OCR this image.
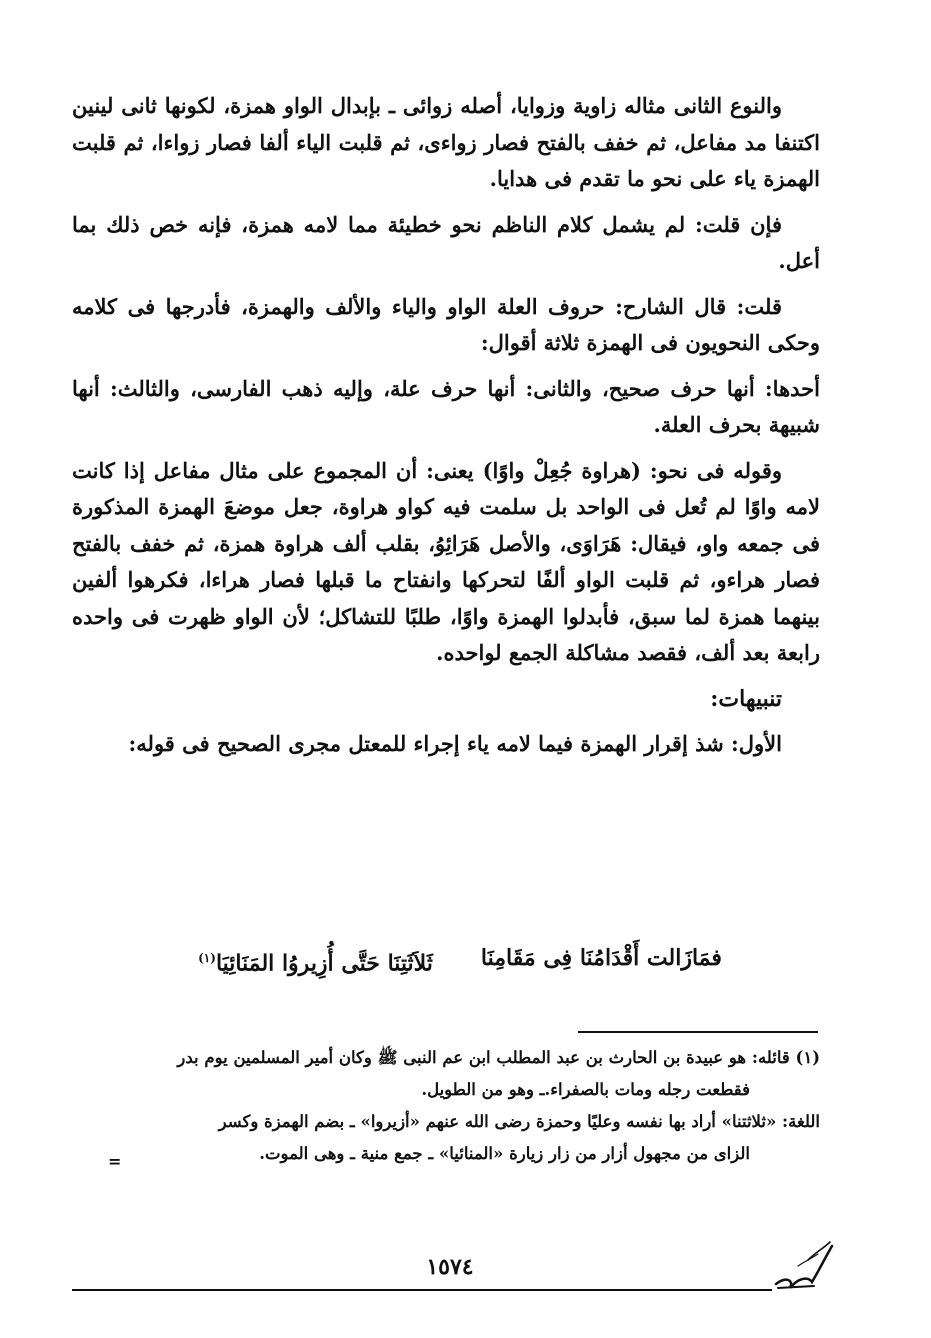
والنوع الثانى مثاله زاوية وزوايا، أصله زوائى ـ بإبدال الواو همزة، لكونها ثانى لينين اكتنفا مد مفاعل، ثم خفف بالفتح فصار زواءى، ثم قلبت الياء ألفا فصار زواءا، ثم قلبت الهمزة ياء على نحو ما تقدم فى هدايا.

فإن قلت: لم يشمل كلام الناظم نحو خطيئة مما لامه همزة، فإنه خص ذلك بما أعل.

قلت: قال الشارح: حروف العلة الواو والياء والألف والهمزة، فأدرجها فى كلامه وحكى النحويون فى الهمزة ثلاثة أقوال:

أحدها: أنها حرف صحيح، والثانى: أنها حرف علة، وإليه ذهب الفارسى، والثالث: أنها شبيهة بحرف العلة.

وقوله فى نحو: (هراوة جُعِلْ واوًا) يعنى: أن المجموع على مثال مفاعل إذا كانت لامه واوًا لم تُعل فى الواحد بل سلمت فيه كواو هراوة، جعل موضعَ الهمزة المذكورة فى جمعه واو، فيقال: هَرَاوَى، والأصل هَرَائِوُ، بقلب ألف هراوة همزة، ثم خفف بالفتح فصار هراءو، ثم قلبت الواو ألفًا لتحركها وانفتاح ما قبلها فصار هراءا، فكرهوا ألفين بينهما همزة لما سبق، فأبدلوا الهمزة واوًا، طلبًا للتشاكل؛ لأن الواو ظهرت فى واحده رابعة بعد ألف، فقصد مشاكلة الجمع لواحده.

تنبيهات:

الأول: شذ إقرار الهمزة فيما لامه ياء إجراء للمعتل مجرى الصحيح فى قوله:

فمَازَالت أَقْدَامُنَا فِى مَقَامِنَا
ثَلاَثَتِنَا حَتَّى أُزِيروُا المَنَائِيَا$^{(١)}$

(١) قائله: هو عبيدة بن الحارث بن عبد المطلب ابن عم النبى ﷺ وكان أمير المسلمين يوم بدر

فقطعت رجله ومات بالصفراء.ـ وهو من الطويل.

اللغة: «ثلاثتنا» أراد بها نفسه وعليًا وحمزة رضى الله عنهم «أزيروا» ـ بضم الهمزة وكسر

الزاى من مجهول أزار من زار زيارة «المنائيا» ـ جمع منية ـ وهى الموت.

=
١٥٧٤
